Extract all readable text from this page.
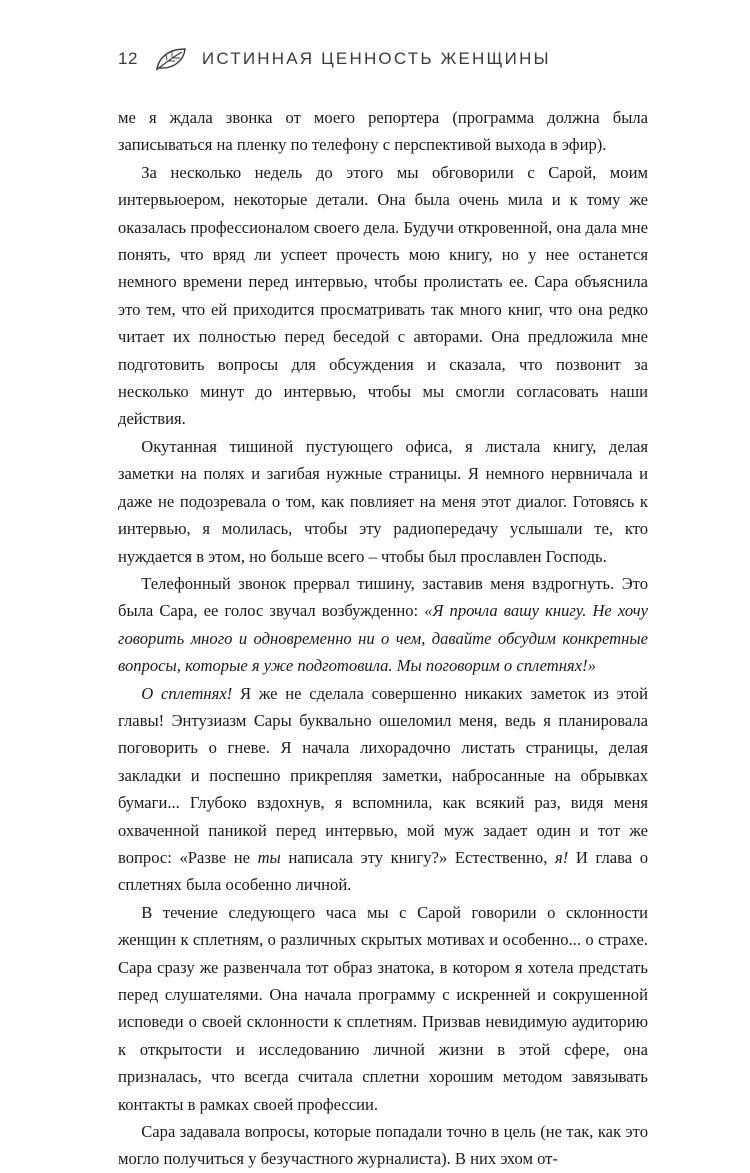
12	ИСТИННАЯ ЦЕННОСТЬ ЖЕНЩИНЫ

ме я ждала звонка от моего репортера (программа должна была записываться на пленку по телефону с перспективой выхода в эфир).

За несколько недель до этого мы обговорили с Сарой, моим интервьюером, некоторые детали. Она была очень мила и к тому же оказалась профессионалом своего дела. Будучи откровенной, она дала мне понять, что вряд ли успеет прочесть мою книгу, но у нее останется немного времени перед интервью, чтобы пролистать ее. Сара объяснила это тем, что ей приходится просматривать так много книг, что она редко читает их полностью перед беседой с авторами. Она предложила мне подготовить вопросы для обсуждения и сказала, что позвонит за несколько минут до интервью, чтобы мы смогли согласовать наши действия.

Окутанная тишиной пустующего офиса, я листала книгу, делая заметки на полях и загибая нужные страницы. Я немного нервничала и даже не подозревала о том, как повлияет на меня этот диалог. Готовясь к интервью, я молилась, чтобы эту радиопередачу услышали те, кто нуждается в этом, но больше всего – чтобы был прославлен Господь.

Телефонный звонок прервал тишину, заставив меня вздрогнуть. Это была Сара, ее голос звучал возбужденно: «Я прочла вашу книгу. Не хочу говорить много и одновременно ни о чем, давайте обсудим конкретные вопросы, которые я уже подготовила. Мы поговорим о сплетнях!»

О сплетнях! Я же не сделала совершенно никаких заметок из этой главы! Энтузиазм Сары буквально ошеломил меня, ведь я планировала поговорить о гневе. Я начала лихорадочно листать страницы, делая закладки и поспешно прикрепляя заметки, набросанные на обрывках бумаги... Глубоко вздохнув, я вспомнила, как всякий раз, видя меня охваченной паникой перед интервью, мой муж задает один и тот же вопрос: «Разве не ты написала эту книгу?» Естественно, я! И глава о сплетнях была особенно личной.

В течение следующего часа мы с Сарой говорили о склонности женщин к сплетням, о различных скрытых мотивах и особенно... о страхе. Сара сразу же развенчала тот образ знатока, в котором я хотела предстать перед слушателями. Она начала программу с искренней и сокрушенной исповеди о своей склонности к сплетням. Призвав невидимую аудиторию к открытости и исследованию личной жизни в этой сфере, она призналась, что всегда считала сплетни хорошим методом завязывать контакты в рамках своей профессии.

Сара задавала вопросы, которые попадали точно в цель (не так, как это могло получиться у безучастного журналиста). В них эхом от-
